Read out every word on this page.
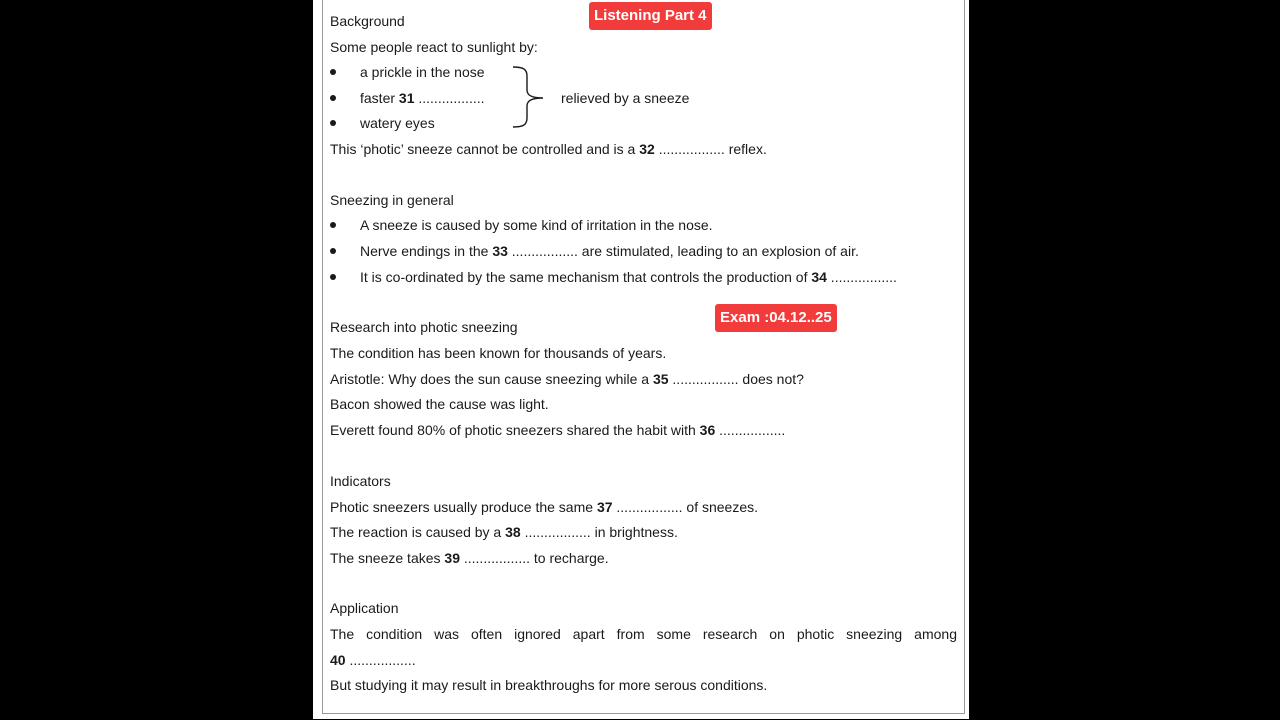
Listening Part 4
Exam :04.12..25
Background
Some people react to sunlight by:
a prickle in the nose
faster 31 .................
watery eyes
relieved by a sneeze
This ‘photic’ sneeze cannot be controlled and is a 32 ................. reflex.
Sneezing in general
A sneeze is caused by some kind of irritation in the nose.
Nerve endings in the 33 ................. are stimulated, leading to an explosion of air.
It is co-ordinated by the same mechanism that controls the production of 34 .................
Research into photic sneezing
The condition has been known for thousands of years.
Aristotle: Why does the sun cause sneezing while a 35 ................. does not?
Bacon showed the cause was light.
Everett found 80% of photic sneezers shared the habit with 36 .................
Indicators
Photic sneezers usually produce the same 37 ................. of sneezes.
The reaction is caused by a 38 ................. in brightness.
The sneeze takes 39 ................. to recharge.
Application
The condition was often ignored apart from some research on photic sneezing among
40 .................
But studying it may result in breakthroughs for more serous conditions.
